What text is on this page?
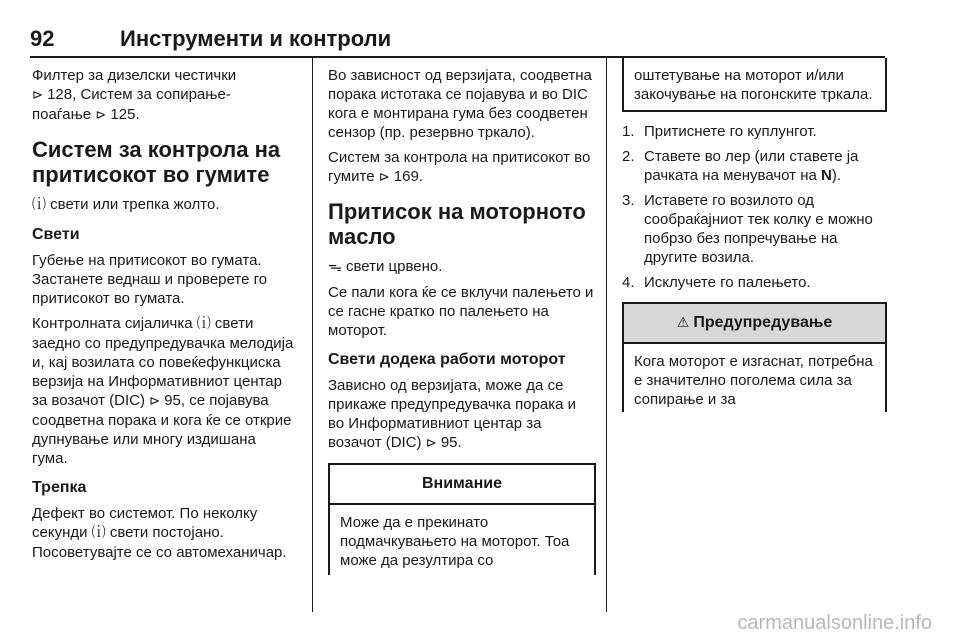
92	Инструменти и контроли

Филтер за дизелски честички

⊳ 128, Систем за сопирање-

поаѓање ⊳ 125.

Систем за контрола на притисокот во гумите

⒤ свети или трепка жолто.

Свети

Губење на притисокот во гумата. Застанете веднаш и проверете го притисокот во гумата.

Контролната сијаличка ⒤ свети заедно со предупредувачка мелодија и, кај возилата со повеќефункциска верзија на Информативниот центар за возачот (DIC) ⊳ 95, се појавува соодветна порака и кога ќе се открие дупнување или многу издишана гума.

Трепка

Дефект во системот. По неколку секунди ⒤ свети постојано. Посоветувајте се со автомеханичар.

Во зависност од верзијата, соодветна порака истотака се појавува и во DIC кога е монтирана гума без соодветен сензор (пр. резервно тркало).

Систем за контрола на притисокот во гумите ⊳ 169.

Притисок на моторното масло

ᯓ свети црвено.

Се пали кога ќе се вклучи палењето и се гасне кратко по палењето на моторот.

Свети додека работи моторот

Зависно од верзијата, може да се прикаже предупредувачка порака и во Информативниот центар за возачот (DIC) ⊳ 95.

Внимание

Може да е прекинато подмачкувањето на моторот. Тоа може да резултира со

оштетување на моторот и/или закочување на погонските тркала.

1. Притиснете го куплунгот.
2. Ставете во лер (или ставете ја рачката на менувачот на N).
3. Иставете го возилото од сообраќајниот тек колку е можно побрзо без попречување на другите возила.
4. Исклучете го палењето.
⚠ Предупредување

Кога моторот е изгаснат, потребна е значително поголема сила за сопирање и за

carmanualsonline.info
